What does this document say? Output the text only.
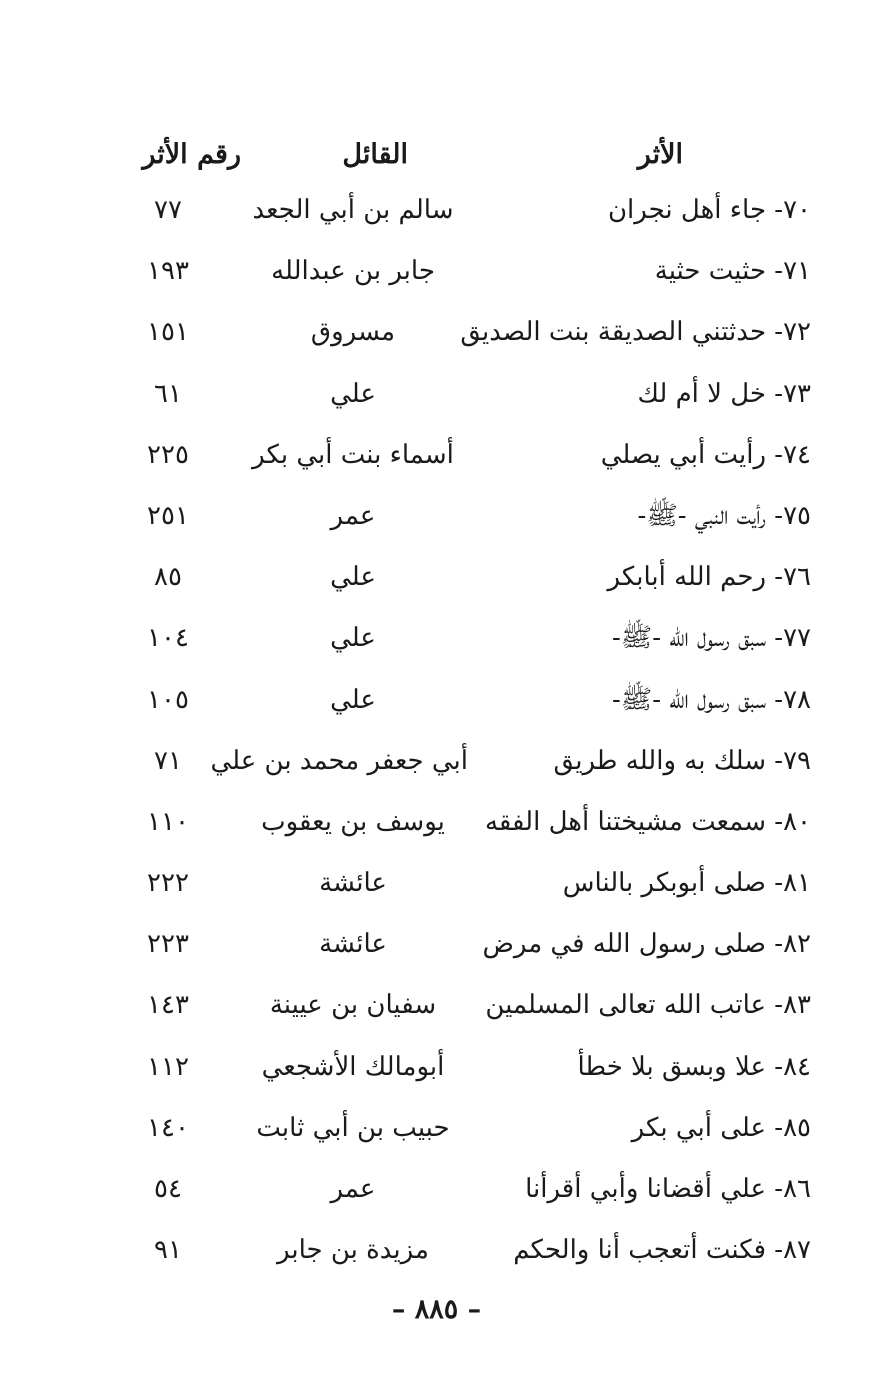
الأثر
القائل
رقم الأثر
٧٠- جاء أهل نجران
سالم بن أبي الجعد
٧٧
٧١- حثيت حثية
جابر بن عبدالله
١٩٣
٧٢- حدثتني الصديقة بنت الصديق
مسروق
١٥١
٧٣- خل لا أم لك
علي
٦١
٧٤- رأيت أبي يصلي
أسماء بنت أبي بكر
٢٢٥
٧٥- رأيت النبي -ﷺ-
عمر
٢٥١
٧٦- رحم الله أبابكر
علي
٨٥
٧٧- سبق رسول الله -ﷺ-
علي
١٠٤
٧٨- سبق رسول الله -ﷺ-
علي
١٠٥
٧٩- سلك به والله طريق
أبي جعفر محمد بن علي
٧١
٨٠- سمعت مشيختنا أهل الفقه
يوسف بن يعقوب
١١٠
٨١- صلى أبوبكر بالناس
عائشة
٢٢٢
٨٢- صلى رسول الله في مرض
عائشة
٢٢٣
٨٣- عاتب الله تعالى المسلمين
سفيان بن عيينة
١٤٣
٨٤- علا وبسق بلا خطأ
أبومالك الأشجعي
١١٢
٨٥- على أبي بكر
حبيب بن أبي ثابت
١٤٠
٨٦- علي أقضانا وأبي أقرأنا
عمر
٥٤
٨٧- فكنت أتعجب أنا والحكم
مزيدة بن جابر
٩١
– ٨٨٥ –
